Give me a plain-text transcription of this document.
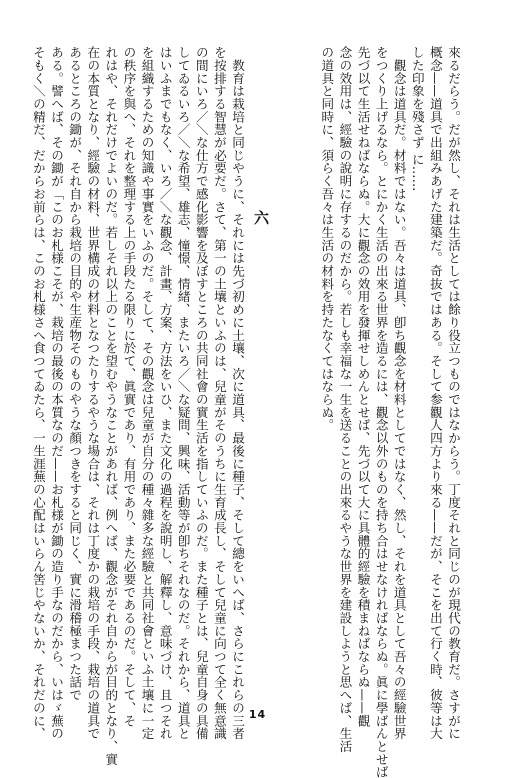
來るだらう。だが然し、それは生活としては餘り役立つものではなからう。丁度それと同じのが現代の教育だ。さすがに

概念——道具で出組みあげた建築だ。奇抜ではある。そして参觀人四方より來る——だが、そこを出て行く時、彼等は大

した印象を殘さず に……

　觀念は道具だ。材料ではない。吾々は道具、卽ち觀念を材料としてではなく、然し、それを道具として吾々の經驗世界

をつくり上げるなら。とにかく生活の出來る世界を造るには、觀念以外のものを持ち合はせなければならぬ。眞に學ばんとせば

先づ以て生活せねばならぬ。大に觀念の效用を發揮せしめんとせば、先づ以て大に具體的經驗を積まねばならぬ——觀

念の效用は、經驗の說明に存するのだから。若しも幸福な一生を送ることの出來るやうな世界を建設しようと思へば、生活

の道具と同時に、須らく吾々は生活の材料を持たなくてはならぬ。

六

　教育は栽培と同じやうに、それには先づ初めに土壤、次に道具、最後に種子、そして總をいへば、さらにこれらの三者

を按排する智慧が必要だ。さて、第一の土壤といふのは、兒童がそのうちに生育成長し、そして兒童に向つて全く無意識

の間にいろ／＼な仕方で感化影響を及ぼすところの共同社會の實生活を指していふのだ。また種子とは、兒童自身の具備

してゐるいろ／＼な希望、雄志、憧憬、情緖、またいろ／＼な疑問、興味、活動等が卽ちそれなのだ。それから、道具と

はいふまでもなく、いろ／＼な觀念、計畫、方案、方法をいひ、また文化の過程を說明し、解釋し、意味づけ、且つそれ

を組織するための知識や事實をいふのだ。そして、その觀念は兒童が自分の種々雜多な經驗と共同社會といふ土壤に一定

の秩序を與へ、それを整理する上の手段たる限りに於て、眞實であり、有用であり、また必要であるのだ。そして、そ

れはや、それだけでよいのだ。若しそれ以上のことを望むやうなことがあれば、例へば、觀念がそれ自からが目的となり、實

在の本質となり、經驗の材料、世界構成の材料となつたりするやうな場合は、それは丁度かの栽培の手段、栽培の道具で

あるところの鋤が、それ自から栽培の目的や生産物そのものやうな顏つきをすると同じく、實に滑稽極まつた話で

ある。譬へば、その鋤が「このお札様こそが、栽培の最後の本質なのだ——お札様が鋤の造り手なのだから、いはゞ蕪の

そもく＼の精だ、だからお前らは、このお札様さへ食つてゐたら、一生涯蕪の心配はいらん筈じやないか、それだのに、	14
